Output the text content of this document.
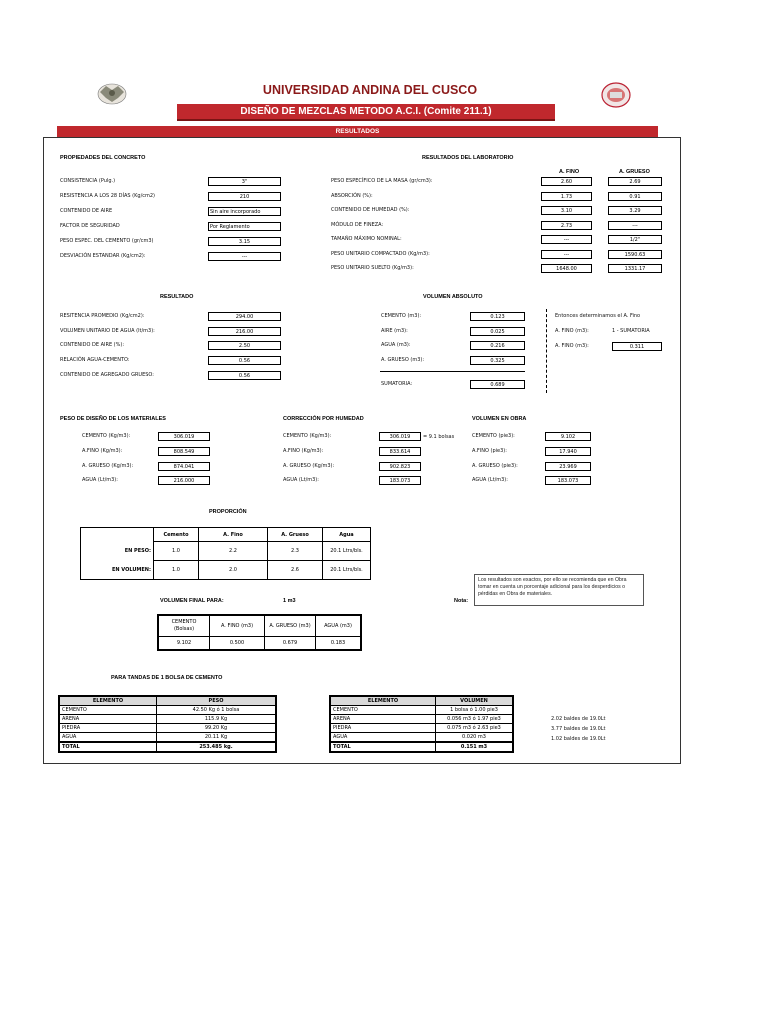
UNIVERSIDAD ANDINA DEL CUSCO
DISEÑO DE MEZCLAS METODO A.C.I. (Comite 211.1)
RESULTADOS
PROPIEDADES DEL CONCRETO
CONSISTENCIA (Pulg.)	3"
RESISTENCIA A LOS 28 DÍAS (Kg/cm2)	210
CONTENIDO DE AIRE	Sin aire incorporado
FACTOR DE SEGURIDAD	Por Reglamento
PESO ESPEC. DEL CEMENTO (gr/cm3)	3.15
DESVIACIÓN ESTANDAR (Kg/cm2):	---
RESULTADOS DEL LABORATORIO
A. FINO	A. GRUESO
PESO ESPECÍFICO DE LA MASA (gr/cm3):	2.60	2.69
ABSORCIÓN (%):	1.73	0.91
CONTENIDO DE HUMEDAD (%):	3.10	3.29
MÓDULO DE FINEZA:	2.73	---
TAMAÑO MÁXIMO NOMINAL:	---	1/2"
PESO UNITARIO COMPACTADO (Kg/m3):	---	1590.63
PESO UNITARIO SUELTO (Kg/m3):	1648.00	1331.17
RESULTADO
RESITENCIA PROMEDIO (Kg/cm2):	294.00
VOLUMEN UNITARIO DE AGUA (lt/m3):	216.00
CONTENIDO DE AIRE (%):	2.50
RELACIÓN AGUA-CEMENTO:	0.56
CONTENIDO DE AGREGADO GRUESO:	0.56
VOLUMEN ABSOLUTO
CEMENTO (m3):	0.123
AIRE (m3):	0.025
AGUA (m3):	0.216
A. GRUESO (m3):	0.325
SUMATORIA:	0.689
Entonces determinamos el A. Fino
A. FINO (m3):	1 - SUMATORIA
A. FINO (m3):	0.311
PESO DE DISEÑO DE LOS MATERIALES	CORRECCIÓN POR HUMEDAD	VOLUMEN EN OBRA
CEMENTO (Kg/m3):	306.019
A.FINO (Kg/m3):	808.549
A. GRUESO (Kg/m3):	874.041
AGUA (Lt/m3):	216.000
CEMENTO (Kg/m3):	306.019
A.FINO (Kg/m3):	833.614
A. GRUESO (Kg/m3):	902.823
AGUA (Lt/m3):	183.073
CEMENTO (pie3):	9.102
A.FINO (pie3):	17.940
A. GRUESO (pie3):	23.969
AGUA (Lt/m3):	183.073
= 9.1 bolsas
PROPORCIÓN
	Cemento	A. Fino	A. Grueso	Agua
EN PESO:	1.0	2.2	2.3	20.1 Ltrs/bls.
EN VOLUMEN:	1.0	2.0	2.6	20.1 Ltrs/bls.
Los resultados son exactos, por ello se recomienda que en Obra tomar en cuenta un porcentaje adicional para los desperdicios o pérdidas en Obra de materiales.
Nota:
VOLUMEN FINAL PARA:	1 m3
CEMENTO (Bolsas)	A. FINO (m3)	A. GRUESO (m3)	AGUA (m3)
9.102	0.500	0.679	0.183
PARA TANDAS DE 1 BOLSA DE CEMENTO
ELEMENTO	PESO
CEMENTO	42.50 Kg ó 1 bolsa
ARENA	115.9 Kg
PIEDRA	99.20 Kg
AGUA	20.11 Kg
TOTAL	253.485 kg.
ELEMENTO	VOLUMEN
CEMENTO	1 bolsa ó 1.00 pie3
ARENA	0.056 m3 ó 1.97 pie3
PIEDRA	0.075 m3 ó 2.63 pie3
AGUA	0.020 m3
TOTAL	0.151 m3
2.02 baldes de 19.0Lt
3.77 baldes de 19.0Lt
1.02 baldes de 19.0Lt
